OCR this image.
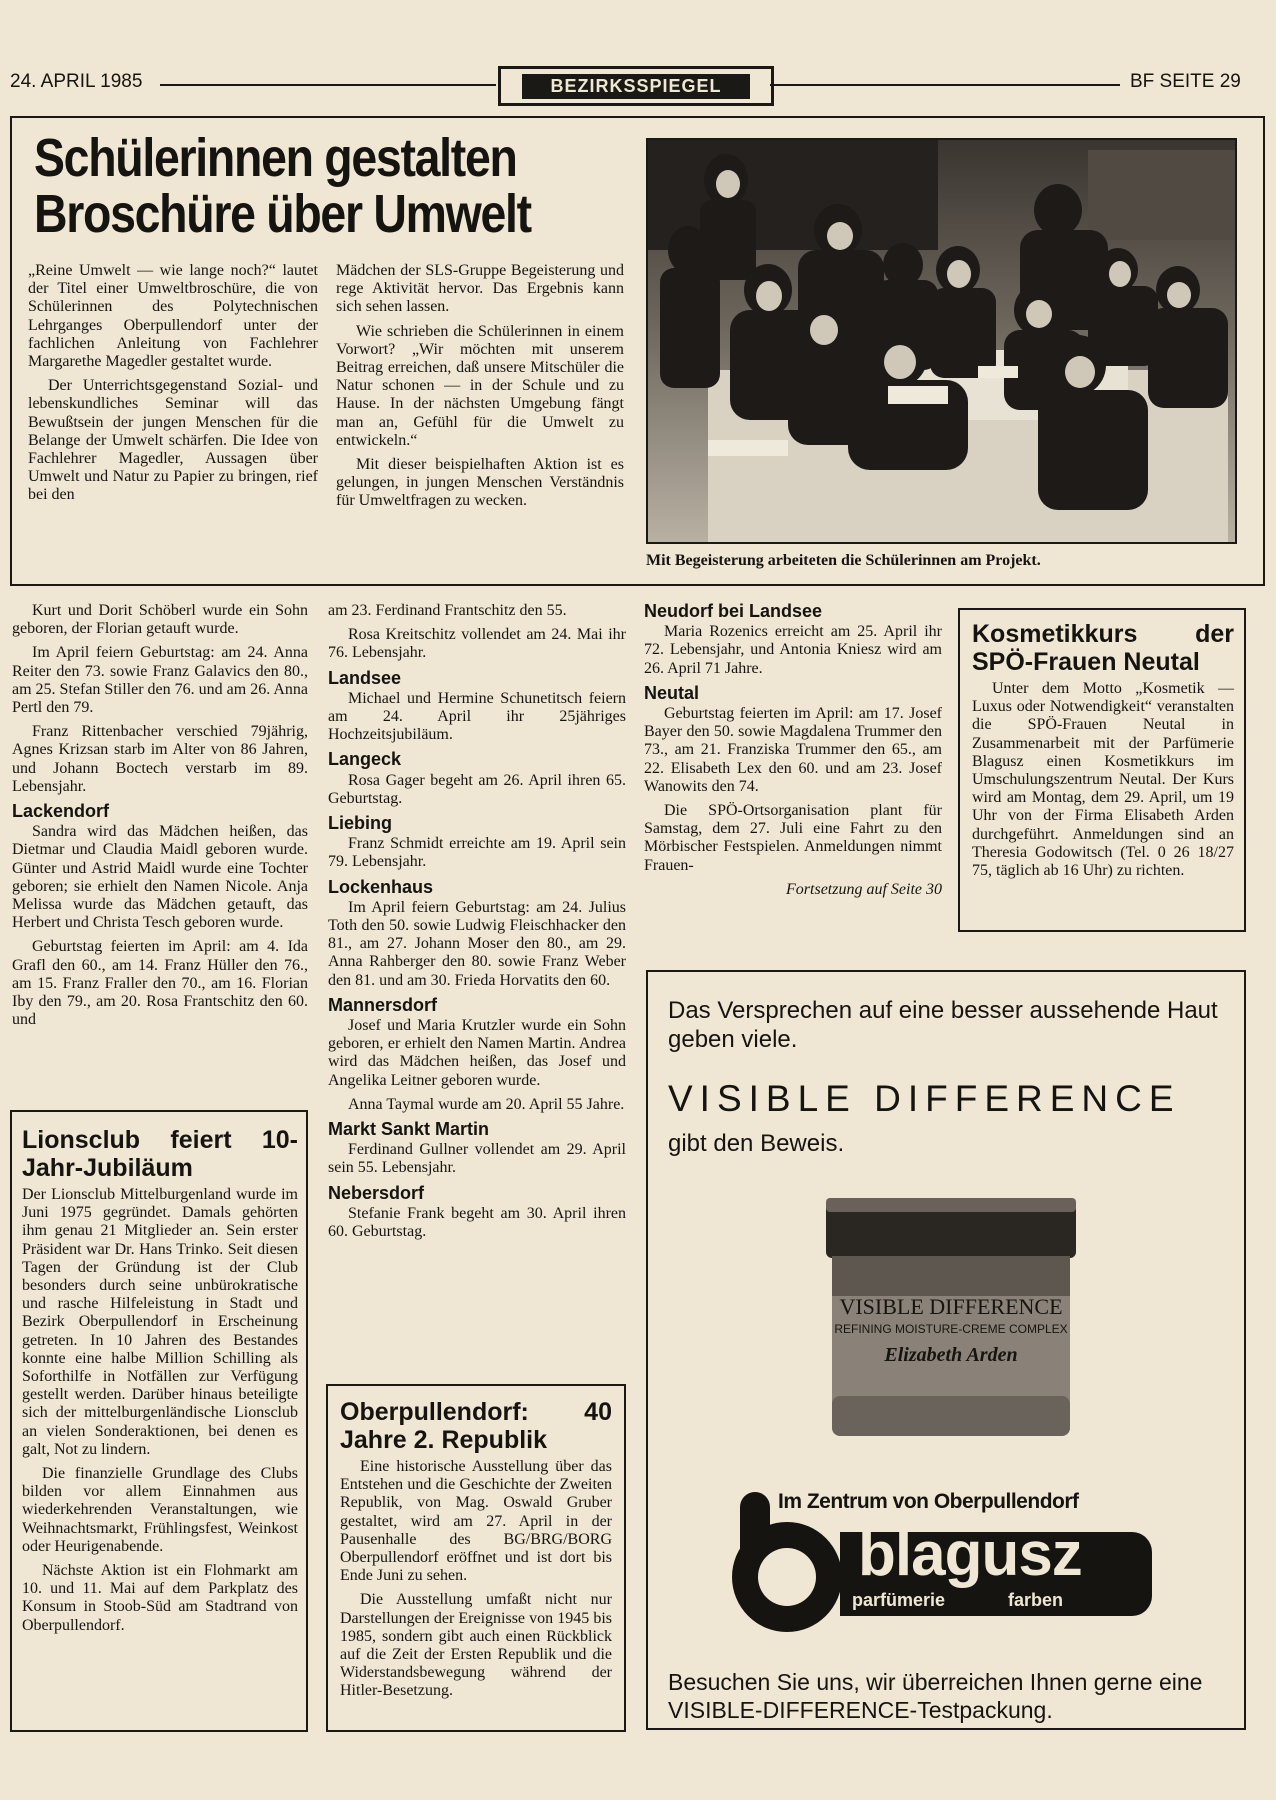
24. APRIL 1985	BEZIRKSSPIEGEL	BF SEITE 29
Schülerinnen gestalten
Broschüre über Umwelt

„Reine Umwelt — wie lange noch?“ lautet der Titel einer Umweltbroschüre, die von Schülerinnen des Polytechnischen Lehrganges Oberpullendorf unter der fachlichen Anleitung von Fachlehrer Margarethe Magedler gestaltet wurde.

Der Unterrichtsgegenstand Sozial- und lebenskundliches Seminar will das Bewußtsein der jungen Menschen für die Belange der Umwelt schärfen. Die Idee von Fachlehrer Magedler, Aussagen über Umwelt und Natur zu Papier zu bringen, rief bei den

Mädchen der SLS-Gruppe Begeisterung und rege Aktivität hervor. Das Ergebnis kann sich sehen lassen.

Wie schrieben die Schülerinnen in einem Vorwort? „Wir möchten mit unserem Beitrag erreichen, daß unsere Mitschüler die Natur schonen — in der Schule und zu Hause. In der nächsten Umgebung fängt man an, Gefühl für die Umwelt zu entwickeln.“

Mit dieser beispielhaften Aktion ist es gelungen, in jungen Menschen Verständnis für Umweltfragen zu wecken.

Mit Begeisterung arbeiteten die Schülerinnen am Projekt.

Kurt und Dorit Schöberl wurde ein Sohn geboren, der Florian getauft wurde.

Im April feiern Geburtstag: am 24. Anna Reiter den 73. sowie Franz Galavics den 80., am 25. Stefan Stiller den 76. und am 26. Anna Pertl den 79.

Franz Rittenbacher verschied 79jährig, Agnes Krizsan starb im Alter von 86 Jahren, und Johann Boctech verstarb im 89. Lebensjahr.

Lackendorf

Sandra wird das Mädchen heißen, das Dietmar und Claudia Maidl geboren wurde. Günter und Astrid Maidl wurde eine Tochter geboren; sie erhielt den Namen Nicole. Anja Melissa wurde das Mädchen getauft, das Herbert und Christa Tesch geboren wurde.

Geburtstag feierten im April: am 4. Ida Grafl den 60., am 14. Franz Hüller den 76., am 15. Franz Fraller den 70., am 16. Florian Iby den 79., am 20. Rosa Frantschitz den 60. und

Lionsclub feiert 10-Jahr-Jubiläum

Der Lionsclub Mittelburgenland wurde im Juni 1975 gegründet. Damals gehörten ihm genau 21 Mitglieder an. Sein erster Präsident war Dr. Hans Trinko. Seit diesen Tagen der Gründung ist der Club besonders durch seine unbürokratische und rasche Hilfeleistung in Stadt und Bezirk Oberpullendorf in Erscheinung getreten. In 10 Jahren des Bestandes konnte eine halbe Million Schilling als Soforthilfe in Notfällen zur Verfügung gestellt werden. Darüber hinaus beteiligte sich der mittelburgenländische Lionsclub an vielen Sonderaktionen, bei denen es galt, Not zu lindern.

Die finanzielle Grundlage des Clubs bilden vor allem Einnahmen aus wiederkehrenden Veranstaltungen, wie Weihnachtsmarkt, Frühlingsfest, Weinkost oder Heurigenabende.

Nächste Aktion ist ein Flohmarkt am 10. und 11. Mai auf dem Parkplatz des Konsum in Stoob-Süd am Stadtrand von Oberpullendorf.

am 23. Ferdinand Frantschitz den 55.

Rosa Kreitschitz vollendet am 24. Mai ihr 76. Lebensjahr.

Landsee

Michael und Hermine Schunetitsch feiern am 24. April ihr 25jähriges Hochzeitsjubiläum.

Langeck

Rosa Gager begeht am 26. April ihren 65. Geburtstag.

Liebing

Franz Schmidt erreichte am 19. April sein 79. Lebensjahr.

Lockenhaus

Im April feiern Geburtstag: am 24. Julius Toth den 50. sowie Ludwig Fleischhacker den 81., am 27. Johann Moser den 80., am 29. Anna Rahberger den 80. sowie Franz Weber den 81. und am 30. Frieda Horvatits den 60.

Mannersdorf

Josef und Maria Krutzler wurde ein Sohn geboren, er erhielt den Namen Martin. Andrea wird das Mädchen heißen, das Josef und Angelika Leitner geboren wurde.

Anna Taymal wurde am 20. April 55 Jahre.

Markt Sankt Martin

Ferdinand Gullner vollendet am 29. April sein 55. Lebensjahr.

Nebersdorf

Stefanie Frank begeht am 30. April ihren 60. Geburtstag.

Oberpullendorf: 40 Jahre 2. Republik

Eine historische Ausstellung über das Entstehen und die Geschichte der Zweiten Republik, von Mag. Oswald Gruber gestaltet, wird am 27. April in der Pausenhalle des BG/BRG/BORG Oberpullendorf eröffnet und ist dort bis Ende Juni zu sehen.

Die Ausstellung umfaßt nicht nur Darstellungen der Ereignisse von 1945 bis 1985, sondern gibt auch einen Rückblick auf die Zeit der Ersten Republik und die Widerstandsbewegung während der Hitler-Besetzung.

Neudorf bei Landsee

Maria Rozenics erreicht am 25. April ihr 72. Lebensjahr, und Antonia Kniesz wird am 26. April 71 Jahre.

Neutal

Geburtstag feierten im April: am 17. Josef Bayer den 50. sowie Magdalena Trummer den 73., am 21. Franziska Trummer den 65., am 22. Elisabeth Lex den 60. und am 23. Josef Wanowits den 74.

Die SPÖ-Ortsorganisation plant für Samstag, dem 27. Juli eine Fahrt zu den Mörbischer Festspielen. Anmeldungen nimmt Frauen-

Fortsetzung auf Seite 30
Kosmetikkurs der SPÖ-Frauen Neutal

Unter dem Motto „Kosmetik — Luxus oder Notwendigkeit“ veranstalten die SPÖ-Frauen Neutal in Zusammenarbeit mit der Parfümerie Blagusz einen Kosmetikkurs im Umschulungszentrum Neutal. Der Kurs wird am Montag, dem 29. April, um 19 Uhr von der Firma Elisabeth Arden durchgeführt. Anmeldungen sind an Theresia Godowitsch (Tel. 0 26 18/27 75, täglich ab 16 Uhr) zu richten.

Das Versprechen auf eine besser aussehende Haut geben viele.
VISIBLE DIFFERENCE
gibt den Beweis.
VISIBLE DIFFERENCE
REFINING MOISTURE-CREME COMPLEX
Elizabeth Arden
Im Zentrum von Oberpullendorf
blagusz
parfümerie	farben
Besuchen Sie uns, wir überreichen Ihnen gerne eine VISIBLE-DIFFERENCE-Testpackung.
